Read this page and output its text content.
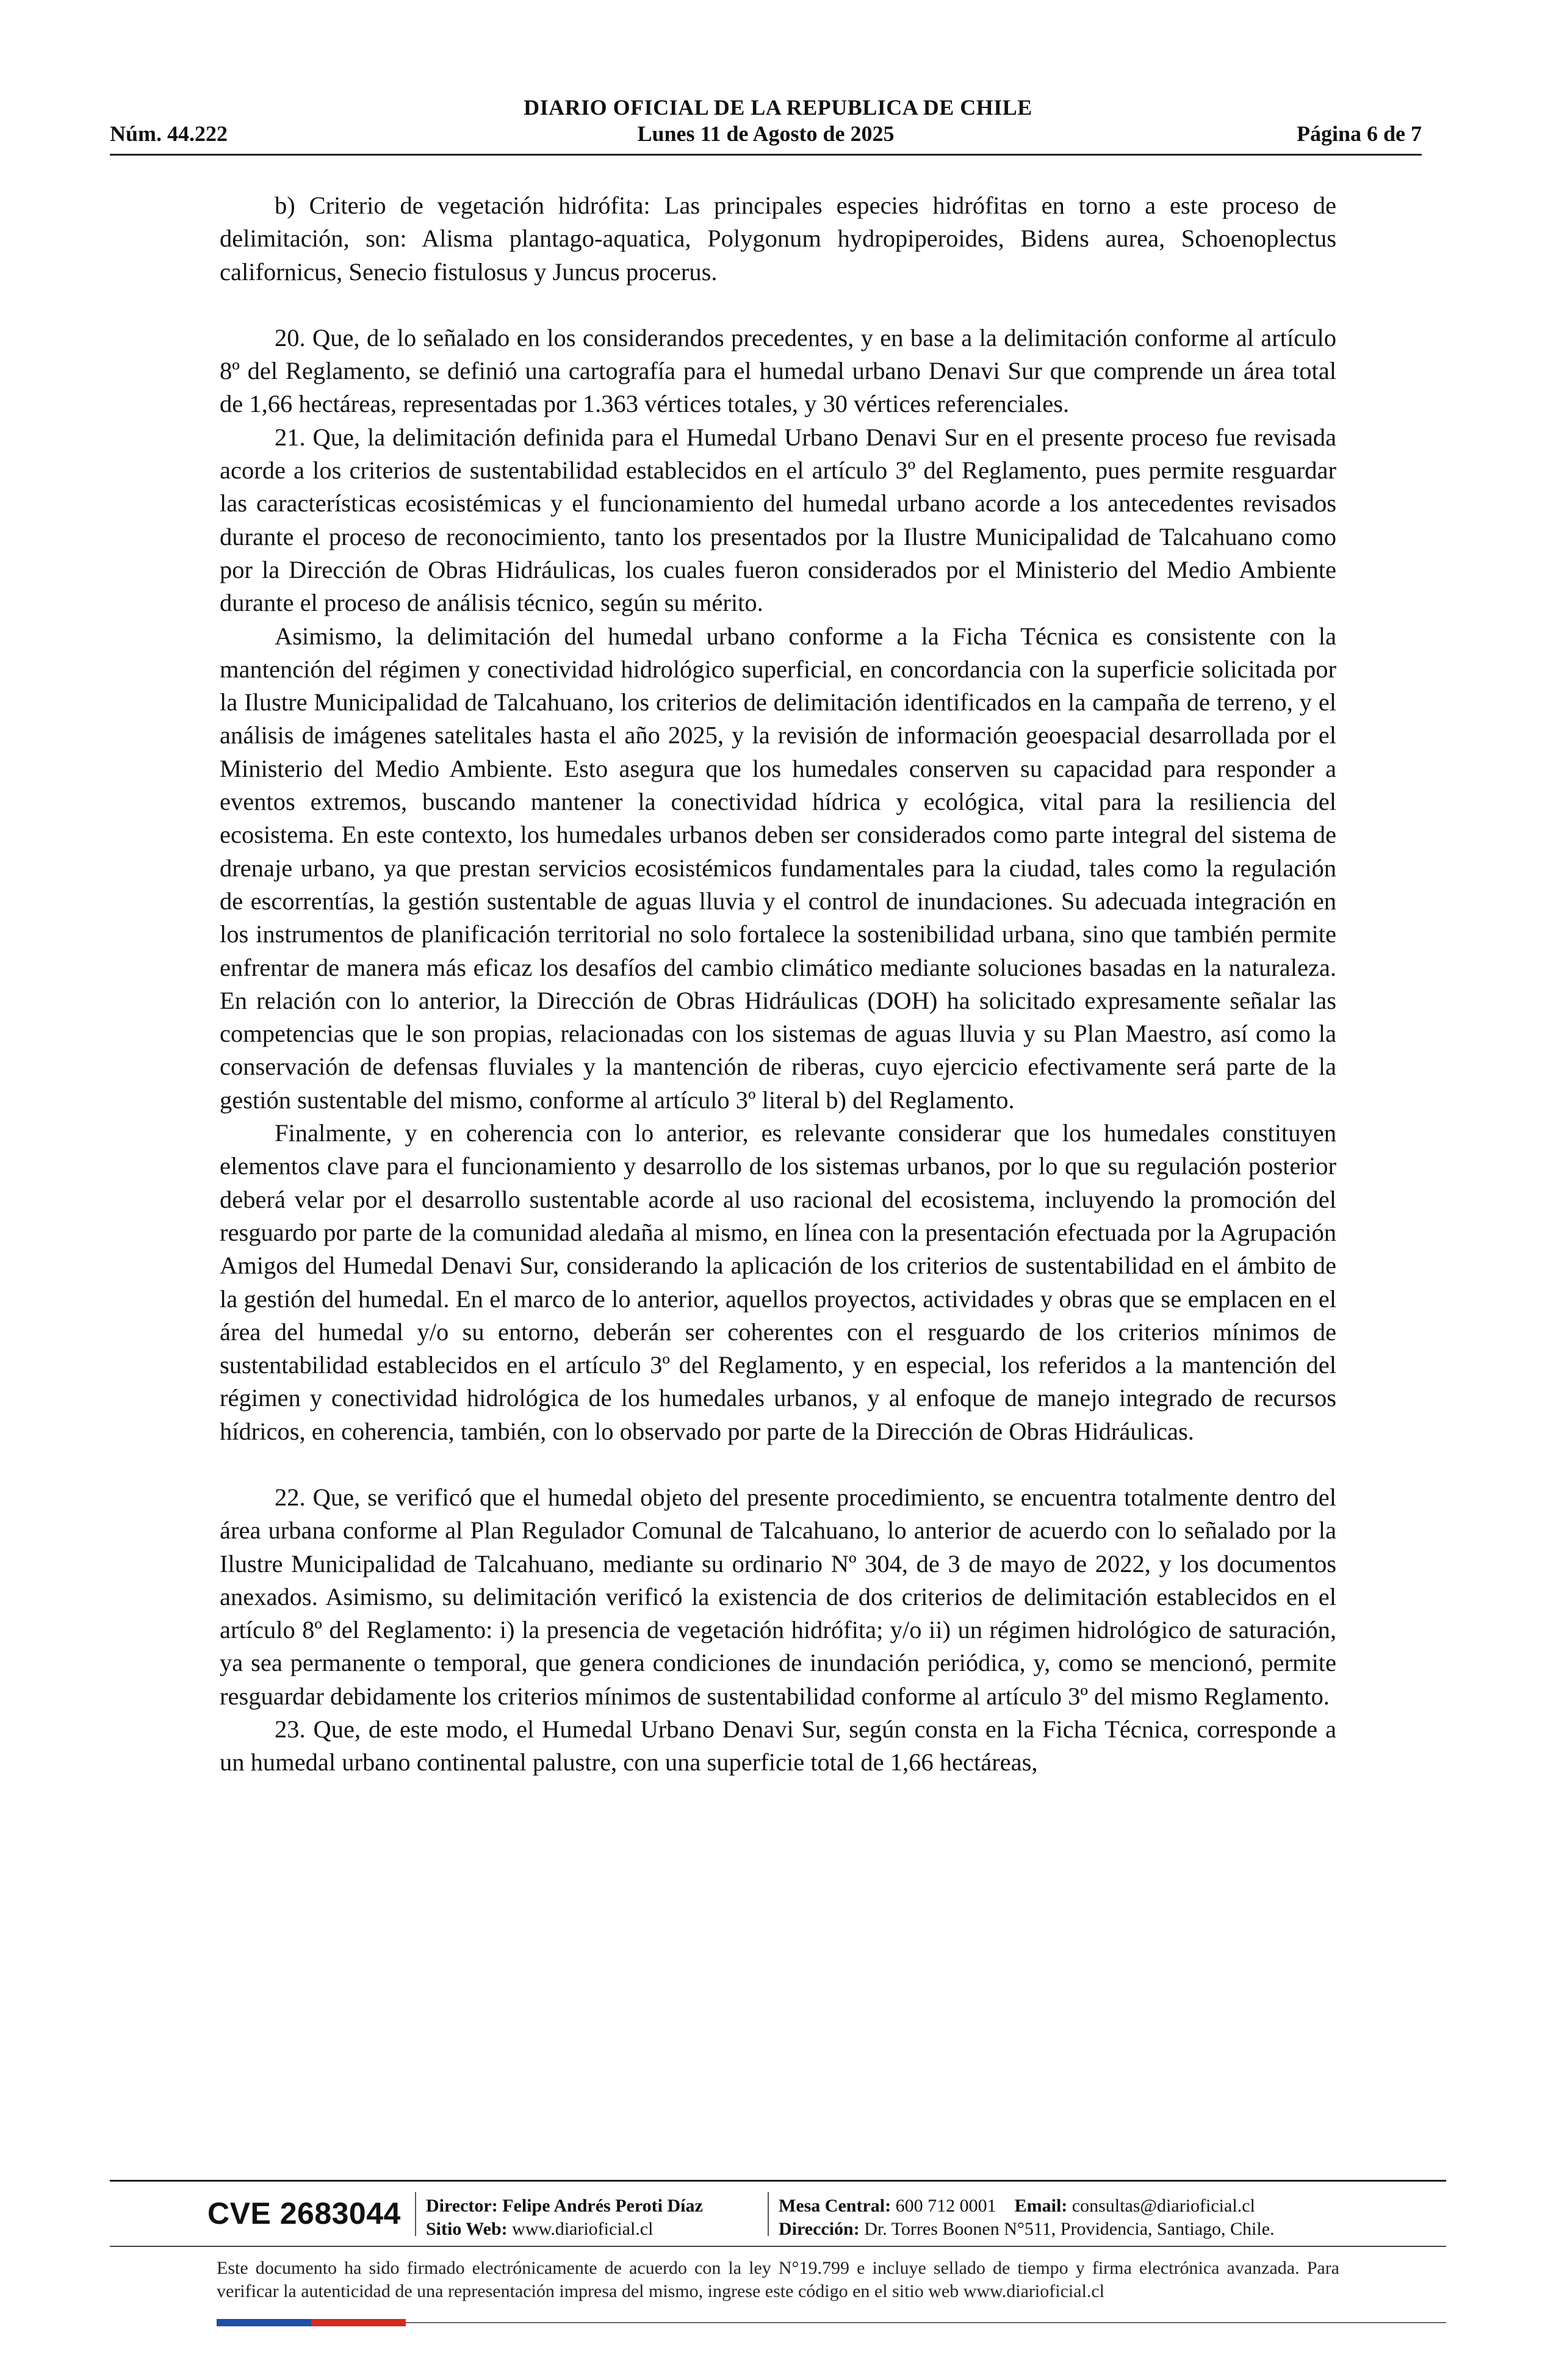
DIARIO OFICIAL DE LA REPUBLICA DE CHILE
Núm. 44.222	Lunes 11 de Agosto de 2025	Página 6 de 7

b) Criterio de vegetación hidrófita: Las principales especies hidrófitas en torno a este proceso de delimitación, son: Alisma plantago-aquatica, Polygonum hydropiperoides, Bidens aurea, Schoenoplectus californicus, Senecio fistulosus y Juncus procerus.

20. Que, de lo señalado en los considerandos precedentes, y en base a la delimitación conforme al artículo 8º del Reglamento, se definió una cartografía para el humedal urbano Denavi Sur que comprende un área total de 1,66 hectáreas, representadas por 1.363 vértices totales, y 30 vértices referenciales.

21. Que, la delimitación definida para el Humedal Urbano Denavi Sur en el presente proceso fue revisada acorde a los criterios de sustentabilidad establecidos en el artículo 3º del Reglamento, pues permite resguardar las características ecosistémicas y el funcionamiento del humedal urbano acorde a los antecedentes revisados durante el proceso de reconocimiento, tanto los presentados por la Ilustre Municipalidad de Talcahuano como por la Dirección de Obras Hidráulicas, los cuales fueron considerados por el Ministerio del Medio Ambiente durante el proceso de análisis técnico, según su mérito.

Asimismo, la delimitación del humedal urbano conforme a la Ficha Técnica es consistente con la mantención del régimen y conectividad hidrológico superficial, en concordancia con la superficie solicitada por la Ilustre Municipalidad de Talcahuano, los criterios de delimitación identificados en la campaña de terreno, y el análisis de imágenes satelitales hasta el año 2025, y la revisión de información geoespacial desarrollada por el Ministerio del Medio Ambiente. Esto asegura que los humedales conserven su capacidad para responder a eventos extremos, buscando mantener la conectividad hídrica y ecológica, vital para la resiliencia del ecosistema. En este contexto, los humedales urbanos deben ser considerados como parte integral del sistema de drenaje urbano, ya que prestan servicios ecosistémicos fundamentales para la ciudad, tales como la regulación de escorrentías, la gestión sustentable de aguas lluvia y el control de inundaciones. Su adecuada integración en los instrumentos de planificación territorial no solo fortalece la sostenibilidad urbana, sino que también permite enfrentar de manera más eficaz los desafíos del cambio climático mediante soluciones basadas en la naturaleza. En relación con lo anterior, la Dirección de Obras Hidráulicas (DOH) ha solicitado expresamente señalar las competencias que le son propias, relacionadas con los sistemas de aguas lluvia y su Plan Maestro, así como la conservación de defensas fluviales y la mantención de riberas, cuyo ejercicio efectivamente será parte de la gestión sustentable del mismo, conforme al artículo 3º literal b) del Reglamento.

Finalmente, y en coherencia con lo anterior, es relevante considerar que los humedales constituyen elementos clave para el funcionamiento y desarrollo de los sistemas urbanos, por lo que su regulación posterior deberá velar por el desarrollo sustentable acorde al uso racional del ecosistema, incluyendo la promoción del resguardo por parte de la comunidad aledaña al mismo, en línea con la presentación efectuada por la Agrupación Amigos del Humedal Denavi Sur, considerando la aplicación de los criterios de sustentabilidad en el ámbito de la gestión del humedal. En el marco de lo anterior, aquellos proyectos, actividades y obras que se emplacen en el área del humedal y/o su entorno, deberán ser coherentes con el resguardo de los criterios mínimos de sustentabilidad establecidos en el artículo 3º del Reglamento, y en especial, los referidos a la mantención del régimen y conectividad hidrológica de los humedales urbanos, y al enfoque de manejo integrado de recursos hídricos, en coherencia, también, con lo observado por parte de la Dirección de Obras Hidráulicas.

22. Que, se verificó que el humedal objeto del presente procedimiento, se encuentra totalmente dentro del área urbana conforme al Plan Regulador Comunal de Talcahuano, lo anterior de acuerdo con lo señalado por la Ilustre Municipalidad de Talcahuano, mediante su ordinario Nº 304, de 3 de mayo de 2022, y los documentos anexados. Asimismo, su delimitación verificó la existencia de dos criterios de delimitación establecidos en el artículo 8º del Reglamento: i) la presencia de vegetación hidrófita; y/o ii) un régimen hidrológico de saturación, ya sea permanente o temporal, que genera condiciones de inundación periódica, y, como se mencionó, permite resguardar debidamente los criterios mínimos de sustentabilidad conforme al artículo 3º del mismo Reglamento.

23. Que, de este modo, el Humedal Urbano Denavi Sur, según consta en la Ficha Técnica, corresponde a un humedal urbano continental palustre, con una superficie total de 1,66 hectáreas,

CVE 2683044 Director: Felipe Andrés Peroti Díaz
Sitio Web: www.diarioficial.cl
Mesa Central: 600 712 0001 Email: consultas@diarioficial.cl
Dirección: Dr. Torres Boonen N°511, Providencia, Santiago, Chile.
Este documento ha sido firmado electrónicamente de acuerdo con la ley N°19.799 e incluye sellado de tiempo y firma electrónica avanzada. Para verificar la autenticidad de una representación impresa del mismo, ingrese este código en el sitio web www.diarioficial.cl
